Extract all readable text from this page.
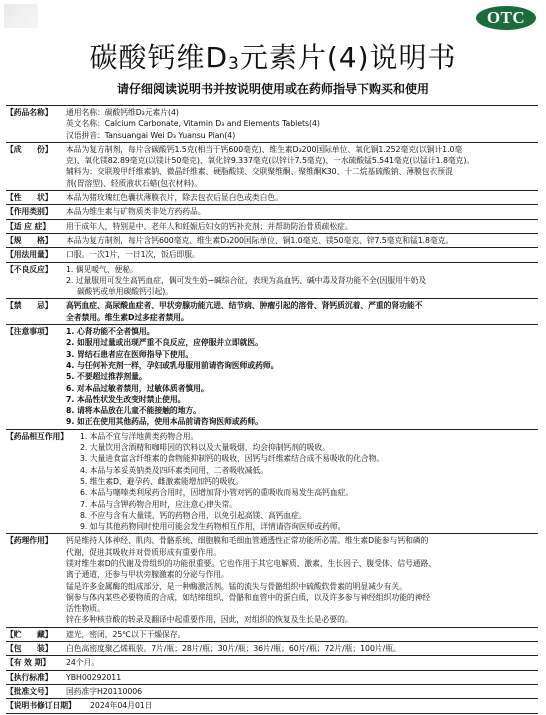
OTC
碳酸钙维$D_3$元素片(4)说明书
请仔细阅读说明书并按说明使用或在药师指导下购买和使用
【药品名称】	通用名称：碳酸钙维D₃元素片(4)
英文名称：Calcium Carbonate, Vitamin D₃ and Elements Tablets(4)
汉语拼音：Tansuangai Wei D₃ Yuansu Pian(4)
【成　　份】	本品为复方制剂，每片含碳酸钙1.5克(相当于钙600毫克)、维生素D₃200国际单位、氧化铜1.252毫克(以铜计1.0毫
克)、氧化镁82.89毫克(以镁计50毫克)、氧化锌9.337毫克(以锌计7.5毫克)、一水硫酸锰5.541毫克(以锰计1.8毫克)。
辅料为：交联羧甲纤维素钠、微晶纤维素、硬脂酸镁、交联聚维酮、聚维酮K30、十二烷基硫酸钠、薄膜包衣预混
剂(胃溶型)、轻质液状石蜡(包衣材料)。
【性　　状】	本品为猪玫瑰红色囊状薄膜衣片，除去包衣后显白色或类白色。
【作用类别】	本品为维生素与矿物质类非处方药药品。
【适 应 症】	用于成年人，特别是中、老年人和妊娠后妇女的钙补充剂；并帮助防治骨质疏松症。
【规　　格】	本品为复方制剂，每片含钙600毫克、维生素D₃200国际单位、铜1.0毫克、镁50毫克、锌7.5毫克和锰1.8毫克。
【用法用量】	口服。一次1片，一日1次，饭后即服。
【不良反应】	1. 偶见嗳气、便秘。
2. 过量服用可发生高钙血症，偶可发生奶−碱综合征，表现为高血钙、碱中毒及肾功能不全(因服用牛奶及
碳酸钙或单用碳酸钙引起)。
【禁　　忌】	高钙血症、高尿酸血症者、甲状旁腺功能亢进、结节病、肿瘤引起的溶骨、肾钙质沉着、严重的肾功能不
全者禁用。维生素D过多症者禁用。
【注意事项】	1. 心肾功能不全者慎用。
2. 如服用过量或出现严重不良反应，应停服并立即就医。
3. 胃结石患者应在医师指导下使用。
4. 与任何补充剂一样，孕妇或乳母服用前请咨询医师或药师。
5. 不要超过推荐剂量。
6. 对本品过敏者禁用，过敏体质者慎用。
7. 本品性状发生改变时禁止使用。
8. 请将本品放在儿童不能接触的地方。
9. 如正在使用其他药品，使用本品前请咨询医师或药师。
【药品相互作用】	1. 本品不宜与洋地黄类药物合用。
2. 大量饮用含酒精和咖啡因的饮料以及大量吸烟，均会抑制钙剂的吸收。
3. 大量进食富含纤维素的食物能抑制钙的吸收，因钙与纤维素结合成不易吸收的化合物。
4. 本品与苯妥英钠类及四环素类同用，二者吸收减低。
5. 维生素D、避孕药、雌激素能增加钙的吸收。
6. 本品与噻嗪类利尿药合用时，因增加肾小管对钙的重吸收而易发生高钙血症。
7. 本品与含钾药物合用时，应注意心律失常。
8. 不应与含有大量镁、钙的药物合用，以免引起高镁、高钙血症。
9. 如与其他药物同时使用可能会发生药物相互作用，详情请咨询医师或药师。
【药理作用】	钙是维持人体神经、肌肉、骨骼系统、细胞膜和毛细血管通透性正常功能所必需。维生素D能参与钙和磷的
代谢，促进其吸收并对骨质形成有重要作用。
镁对维生素D的代谢及骨组织的功能很重要。它也作用于其它电解质、激素、生长因子、腹受体、信号通路、
离子通道，还参与甲状旁腺激素的分泌与作用。
锰是许多金属酶的组成部分，是一种酶激活剂。锰的流失与骨骼组织中硫酸软骨素的明显减少有关。
铜参与体内某些必要物质的合成，如结缔组织、骨骼和血管中的蛋白质，以及许多参与神经组织功能的神经
活性物质。
锌在多种核苷酸的转录及翻译中起重要作用，因此，对组织的恢复及生长是必要的。
【贮　　藏】	遮光，密闭，25℃以下干燥保存。
【包　　装】	白色高密度聚乙烯瓶装。7片/瓶；28片/瓶；30片/瓶；36片/瓶；60片/瓶；72片/瓶；100片/瓶。
【有 效 期】	24个月。
【执行标准】	YBH00292011
【批准文号】	国药准字H20110006
【说明书修订日期】	2024年04月01日
